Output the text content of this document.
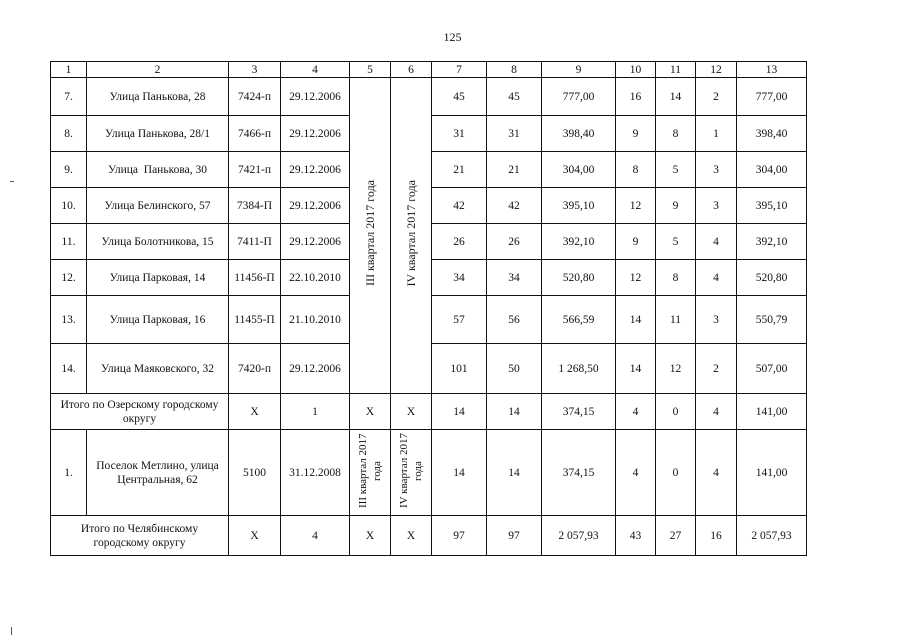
125
1	2	3	4	5	6	7	8	9	10	11	12	13
7.	Улица Панькова, 28	7424-п	29.12.2006	III квартал 2017 года	IV квартал 2017 года	45	45	777,00	16	14	2	777,00
8.	Улица Панькова, 28/1	7466-п	29.12.2006			31	31	398,40	9	8	1	398,40
9.	Улица  Панькова, 30	7421-п	29.12.2006			21	21	304,00	8	5	3	304,00
10.	Улица Белинского, 57	7384-П	29.12.2006			42	42	395,10	12	9	3	395,10
11.	Улица Болотникова, 15	7411-П	29.12.2006			26	26	392,10	9	5	4	392,10
12.	Улица Парковая, 14	11456-П	22.10.2010			34	34	520,80	12	8	4	520,80
13.	Улица Парковая, 16	11455-П	21.10.2010			57	56	566,59	14	11	3	550,79
14.	Улица Маяковского, 32	7420-п	29.12.2006			101	50	1 268,50	14	12	2	507,00
Итого по Озерскому городскому округу		Х	1	Х	Х	14	14	374,15	4	0	4	141,00
1.	Поселок Метлино, улица Центральная, 62	5100	31.12.2008	III квартал 2017 года	IV квартал 2017 года	14	14	374,15	4	0	4	141,00
Итого по Челябинскому городскому округу		Х	4	Х	Х	97	97	2 057,93	43	27	16	2 057,93
